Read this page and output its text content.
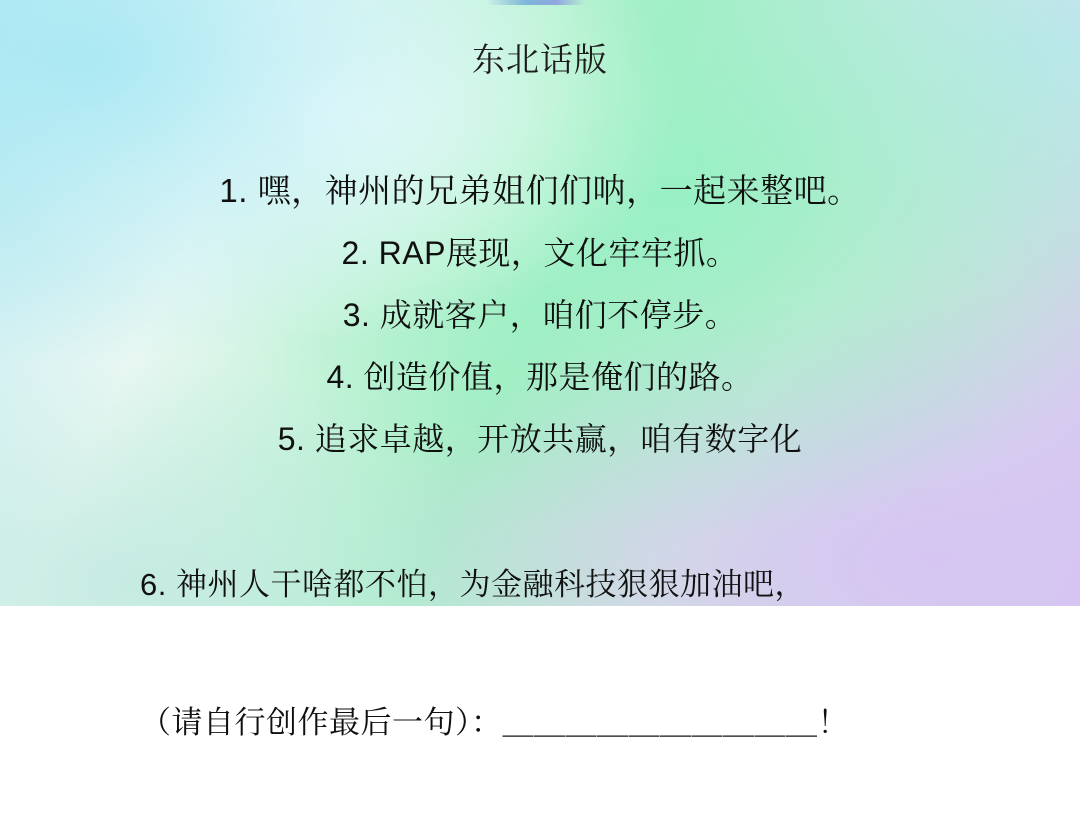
东北话版
1. 嘿，神州的兄弟姐们们呐，一起来整吧。
2. RAP展现，文化牢牢抓。
3. 成就客户，咱们不停步。
4. 创造价值，那是俺们的路。
5. 追求卓越，开放共赢，咱有数字化

6. 神州人干啥都不怕，为金融科技狠狠加油吧，

（请自行创作最后一句）：＿＿＿＿＿＿＿＿＿＿！
